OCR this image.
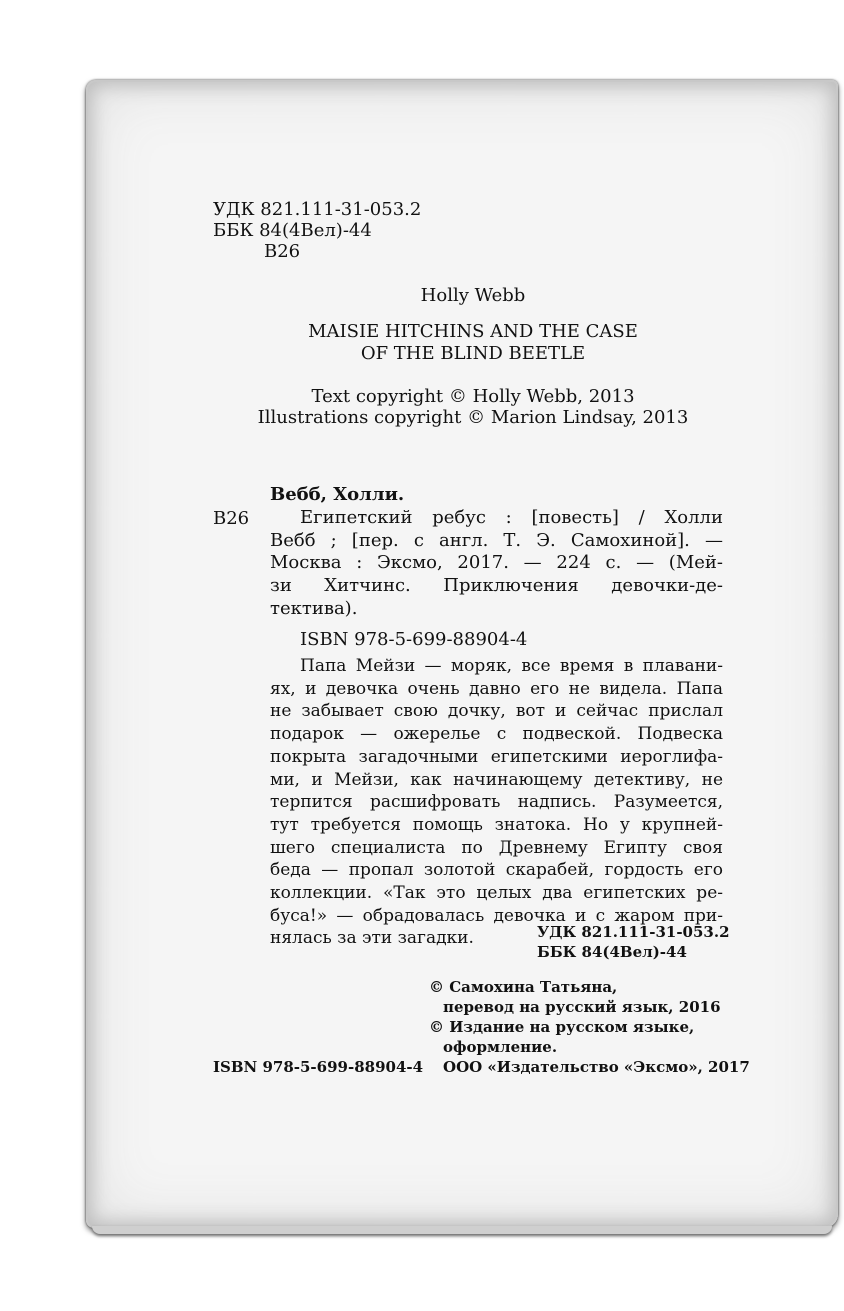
УДК 821.111-31-053.2
ББК 84(4Вел)-44
В26
Holly Webb
MAISIE HITCHINS AND THE CASE
OF THE BLIND BEETLE
Text copyright © Holly Webb, 2013
Illustrations copyright © Marion Lindsay, 2013
Вебб, Холли.
В26	Египетский ребус : [повесть] / Холли
Вебб ; [пер. с англ. Т. Э. Самохиной]. —
Москва : Эксмо, 2017. — 224 с. — (Мей-
зи Хитчинс. Приключения девочки-де-
тектива).
ISBN 978-5-699-88904-4
Папа Мейзи — моряк, все время в плавани-
ях, и девочка очень давно его не видела. Папа
не забывает свою дочку, вот и сейчас прислал
подарок — ожерелье с подвеской. Подвеска
покрыта загадочными египетскими иероглифа-
ми, и Мейзи, как начинающему детективу, не
терпится расшифровать надпись. Разумеется,
тут требуется помощь знатока. Но у крупней-
шего специалиста по Древнему Египту своя
беда — пропал золотой скарабей, гордость его
коллекции. «Так это целых два египетских ре-
буса!» — обрадовалась девочка и с жаром при-
нялась за эти загадки.	УДК 821.111-31-053.2
ББК 84(4Вел)-44
© Самохина Татьяна,
перевод на русский язык, 2016
© Издание на русском языке,
оформление.
ООО «Издательство «Эксмо», 2017
ISBN 978-5-699-88904-4
